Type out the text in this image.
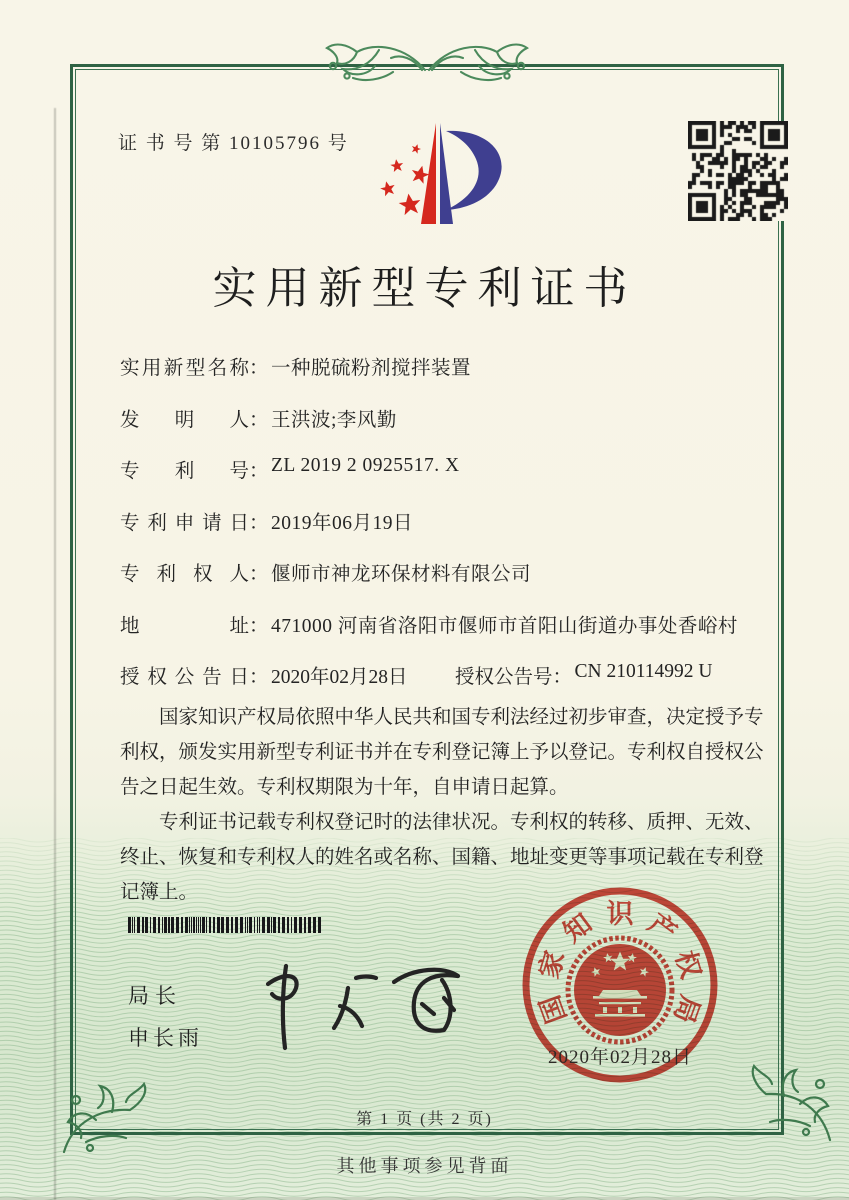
证 书 号 第 10105796 号
实用新型专利证书
实用新型名称 ： 一种脱硫粉剂搅拌装置
发明人 ： 王洪波;李风勤
专利号 ： ZL 2019 2 0925517. X
专利申请日 ： 2019年06月19日
专利权人 ： 偃师市神龙环保材料有限公司
地址 ： 471000 河南省洛阳市偃师市首阳山街道办事处香峪村
授权公告日 ： 2020年02月28日 授权公告号 ： CN 210114992 U

国家知识产权局依照中华人民共和国专利法经过初步审查，决定授予专利权，颁发实用新型专利证书并在专利登记簿上予以登记。专利权自授权公告之日起生效。专利权期限为十年，自申请日起算。

专利证书记载专利权登记时的法律状况。专利权的转移、质押、无效、终止、恢复和专利权人的姓名或名称、国籍、地址变更等事项记载在专利登记簿上。

局长
申长雨
国
家
知 识 产
权
局
2020年02月28日
第 1 页 (共 2 页)
其他事项参见背面
